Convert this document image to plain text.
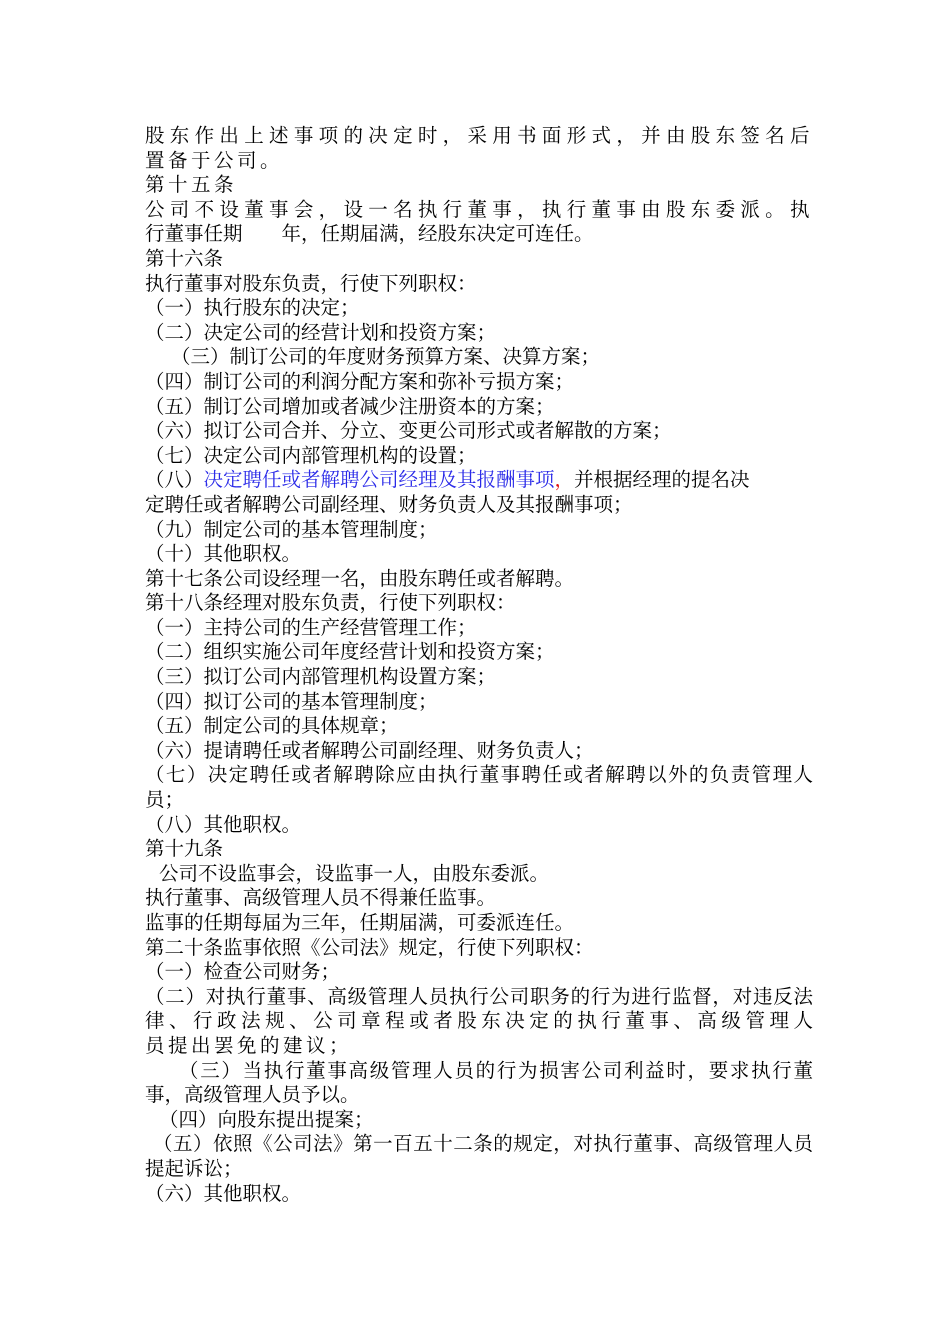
股东作出上述事项的决定时，采用书面形式，并由股东签名后
置备于公司。
第十五条
公司不设董事会，设一名执行董事，执行董事由股东委派。执
行董事任期　　年，任期届满，经股东决定可连任。
第十六条
执行董事对股东负责，行使下列职权：
（一）执行股东的决定；
（二）决定公司的经营计划和投资方案；
（三）制订公司的年度财务预算方案、决算方案；
（四）制订公司的利润分配方案和弥补亏损方案；
（五）制订公司增加或者减少注册资本的方案；
（六）拟订公司合并、分立、变更公司形式或者解散的方案；
（七）决定公司内部管理机构的设置；
（八）决定聘任或者解聘公司经理及其报酬事项，并根据经理的提名决
定聘任或者解聘公司副经理、财务负责人及其报酬事项；
（九）制定公司的基本管理制度；
（十）其他职权。
第十七条公司设经理一名，由股东聘任或者解聘。
第十八条经理对股东负责，行使下列职权：
（一）主持公司的生产经营管理工作；
（二）组织实施公司年度经营计划和投资方案；
（三）拟订公司内部管理机构设置方案；
（四）拟订公司的基本管理制度；
（五）制定公司的具体规章；
（六）提请聘任或者解聘公司副经理、财务负责人；
（七）决定聘任或者解聘除应由执行董事聘任或者解聘以外的负责管理人
员；
（八）其他职权。
第十九条
公司不设监事会，设监事一人，由股东委派。
执行董事、高级管理人员不得兼任监事。
监事的任期每届为三年，任期届满，可委派连任。
第二十条监事依照《公司法》规定，行使下列职权：
（一）检查公司财务；
（二）对执行董事、高级管理人员执行公司职务的行为进行监督，对违反法
律、行政法规、公司章程或者股东决定的执行董事、高级管理人
员提出罢免的建议；
（三）当执行董事高级管理人员的行为损害公司利益时，要求执行董
事，高级管理人员予以。
（四）向股东提出提案；
（五）依照《公司法》第一百五十二条的规定，对执行董事、高级管理人员
提起诉讼；
（六）其他职权。
